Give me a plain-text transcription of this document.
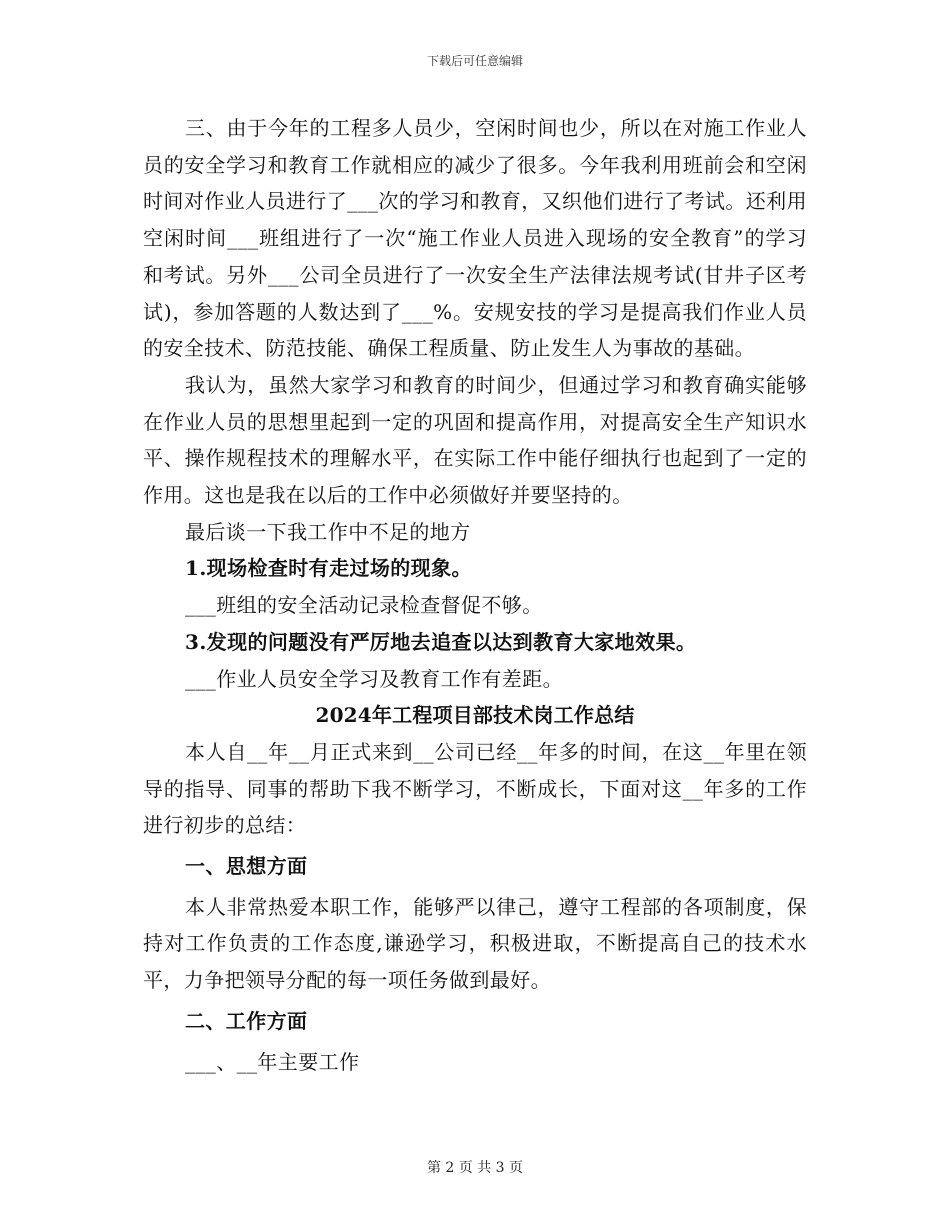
下载后可任意编辑

三、由于今年的工程多人员少，空闲时间也少，所以在对施工作业人员的安全学习和教育工作就相应的减少了很多。今年我利用班前会和空闲时间对作业人员进行了___次的学习和教育，又织他们进行了考试。还利用空闲时间___班组进行了一次“施工作业人员进入现场的安全教育”的学习和考试。另外___公司全员进行了一次安全生产法律法规考试(甘井子区考试)，参加答题的人数达到了___%。安规安技的学习是提高我们作业人员的安全技术、防范技能、确保工程质量、防止发生人为事故的基础。

我认为，虽然大家学习和教育的时间少，但通过学习和教育确实能够在作业人员的思想里起到一定的巩固和提高作用，对提高安全生产知识水平、操作规程技术的理解水平，在实际工作中能仔细执行也起到了一定的作用。这也是我在以后的工作中必须做好并要坚持的。

最后谈一下我工作中不足的地方

1.现场检查时有走过场的现象。

___班组的安全活动记录检查督促不够。

3.发现的问题没有严厉地去追查以达到教育大家地效果。

___作业人员安全学习及教育工作有差距。

2024年工程项目部技术岗工作总结

本人自__年__月正式来到__公司已经__年多的时间，在这__年里在领导的指导、同事的帮助下我不断学习，不断成长，下面对这__年多的工作进行初步的总结：

一、思想方面

本人非常热爱本职工作，能够严以律己，遵守工程部的各项制度，保持对工作负责的工作态度,谦逊学习，积极进取，不断提高自己的技术水平，力争把领导分配的每一项任务做到最好。

二、工作方面

___、__年主要工作

第 2 页 共 3 页
